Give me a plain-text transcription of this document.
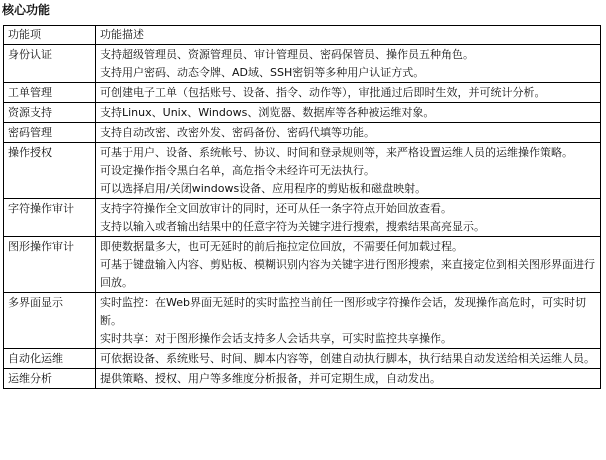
核心功能
功能项	功能描述
身份认证	支持超级管理员、资源管理员、审计管理员、密码保管员、操作员五种角色。
支持用户密码、动态令牌、AD域、SSH密钥等多种用户认证方式。

工单管理	可创建电子工单（包括账号、设备、指令、动作等），审批通过后即时生效，并可统计分析。

资源支持	支持Linux、Unix、Windows、浏览器、数据库等各种被运维对象。

密码管理	支持自动改密、改密外发、密码备份、密码代填等功能。

操作授权	可基于用户、设备、系统帐号、协议、时间和登录规则等，来严格设置运维人员的运维操作策略。
可设定操作指令黑白名单，高危指令未经许可无法执行。
可以选择启用/关闭windows设备、应用程序的剪贴板和磁盘映射。

字符操作审计	支持字符操作全文回放审计的同时，还可从任一条字符点开始回放查看。
支持以输入或者输出结果中的任意字符为关键字进行搜索，搜索结果高亮显示。

图形操作审计	即使数据量多大，也可无延时的前后拖拉定位回放，不需要任何加载过程。
可基于键盘输入内容、剪贴板、模糊识别内容为关键字进行图形搜索，来直接定位到相关图形界面进行回放。

多界面显示	实时监控：在Web界面无延时的实时监控当前任一图形或字符操作会话，发现操作高危时，可实时切断。
实时共享：对于图形操作会话支持多人会话共享，可实时监控共享操作。

自动化运维	可依据设备、系统账号、时间、脚本内容等，创建自动执行脚本，执行结果自动发送给相关运维人员。

运维分析	提供策略、授权、用户等多维度分析报备，并可定期生成，自动发出。
